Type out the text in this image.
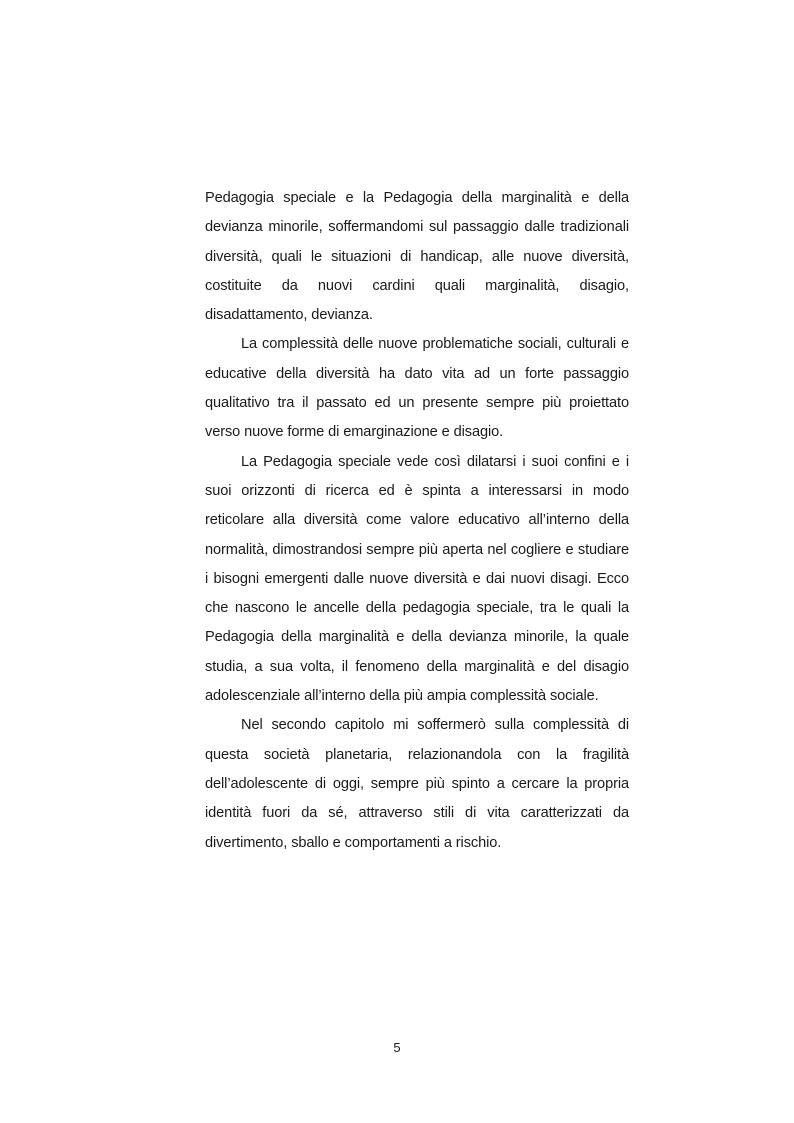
Pedagogia speciale e la Pedagogia della marginalità e della devianza minorile, soffermandomi sul passaggio dalle tradizionali diversità, quali le situazioni di handicap, alle nuove diversità, costituite da nuovi cardini quali marginalità, disagio, disadattamento, devianza.

La complessità delle nuove problematiche sociali, culturali e educative della diversità ha dato vita ad un forte passaggio qualitativo tra il passato ed un presente sempre più proiettato verso nuove forme di emarginazione e disagio.

La Pedagogia speciale vede così dilatarsi i suoi confini e i suoi orizzonti di ricerca ed è spinta a interessarsi in modo reticolare alla diversità come valore educativo all’interno della normalità, dimostrandosi sempre più aperta nel cogliere e studiare i bisogni emergenti dalle nuove diversità e dai nuovi disagi. Ecco che nascono le ancelle della pedagogia speciale, tra le quali la Pedagogia della marginalità e della devianza minorile, la quale studia, a sua volta, il fenomeno della marginalità e del disagio adolescenziale all’interno della più ampia complessità sociale.

Nel secondo capitolo mi soffermerò sulla complessità di questa società planetaria, relazionandola con la fragilità dell’adolescente di oggi, sempre più spinto a cercare la propria identità fuori da sé, attraverso stili di vita caratterizzati da divertimento, sballo e comportamenti a rischio.

5
